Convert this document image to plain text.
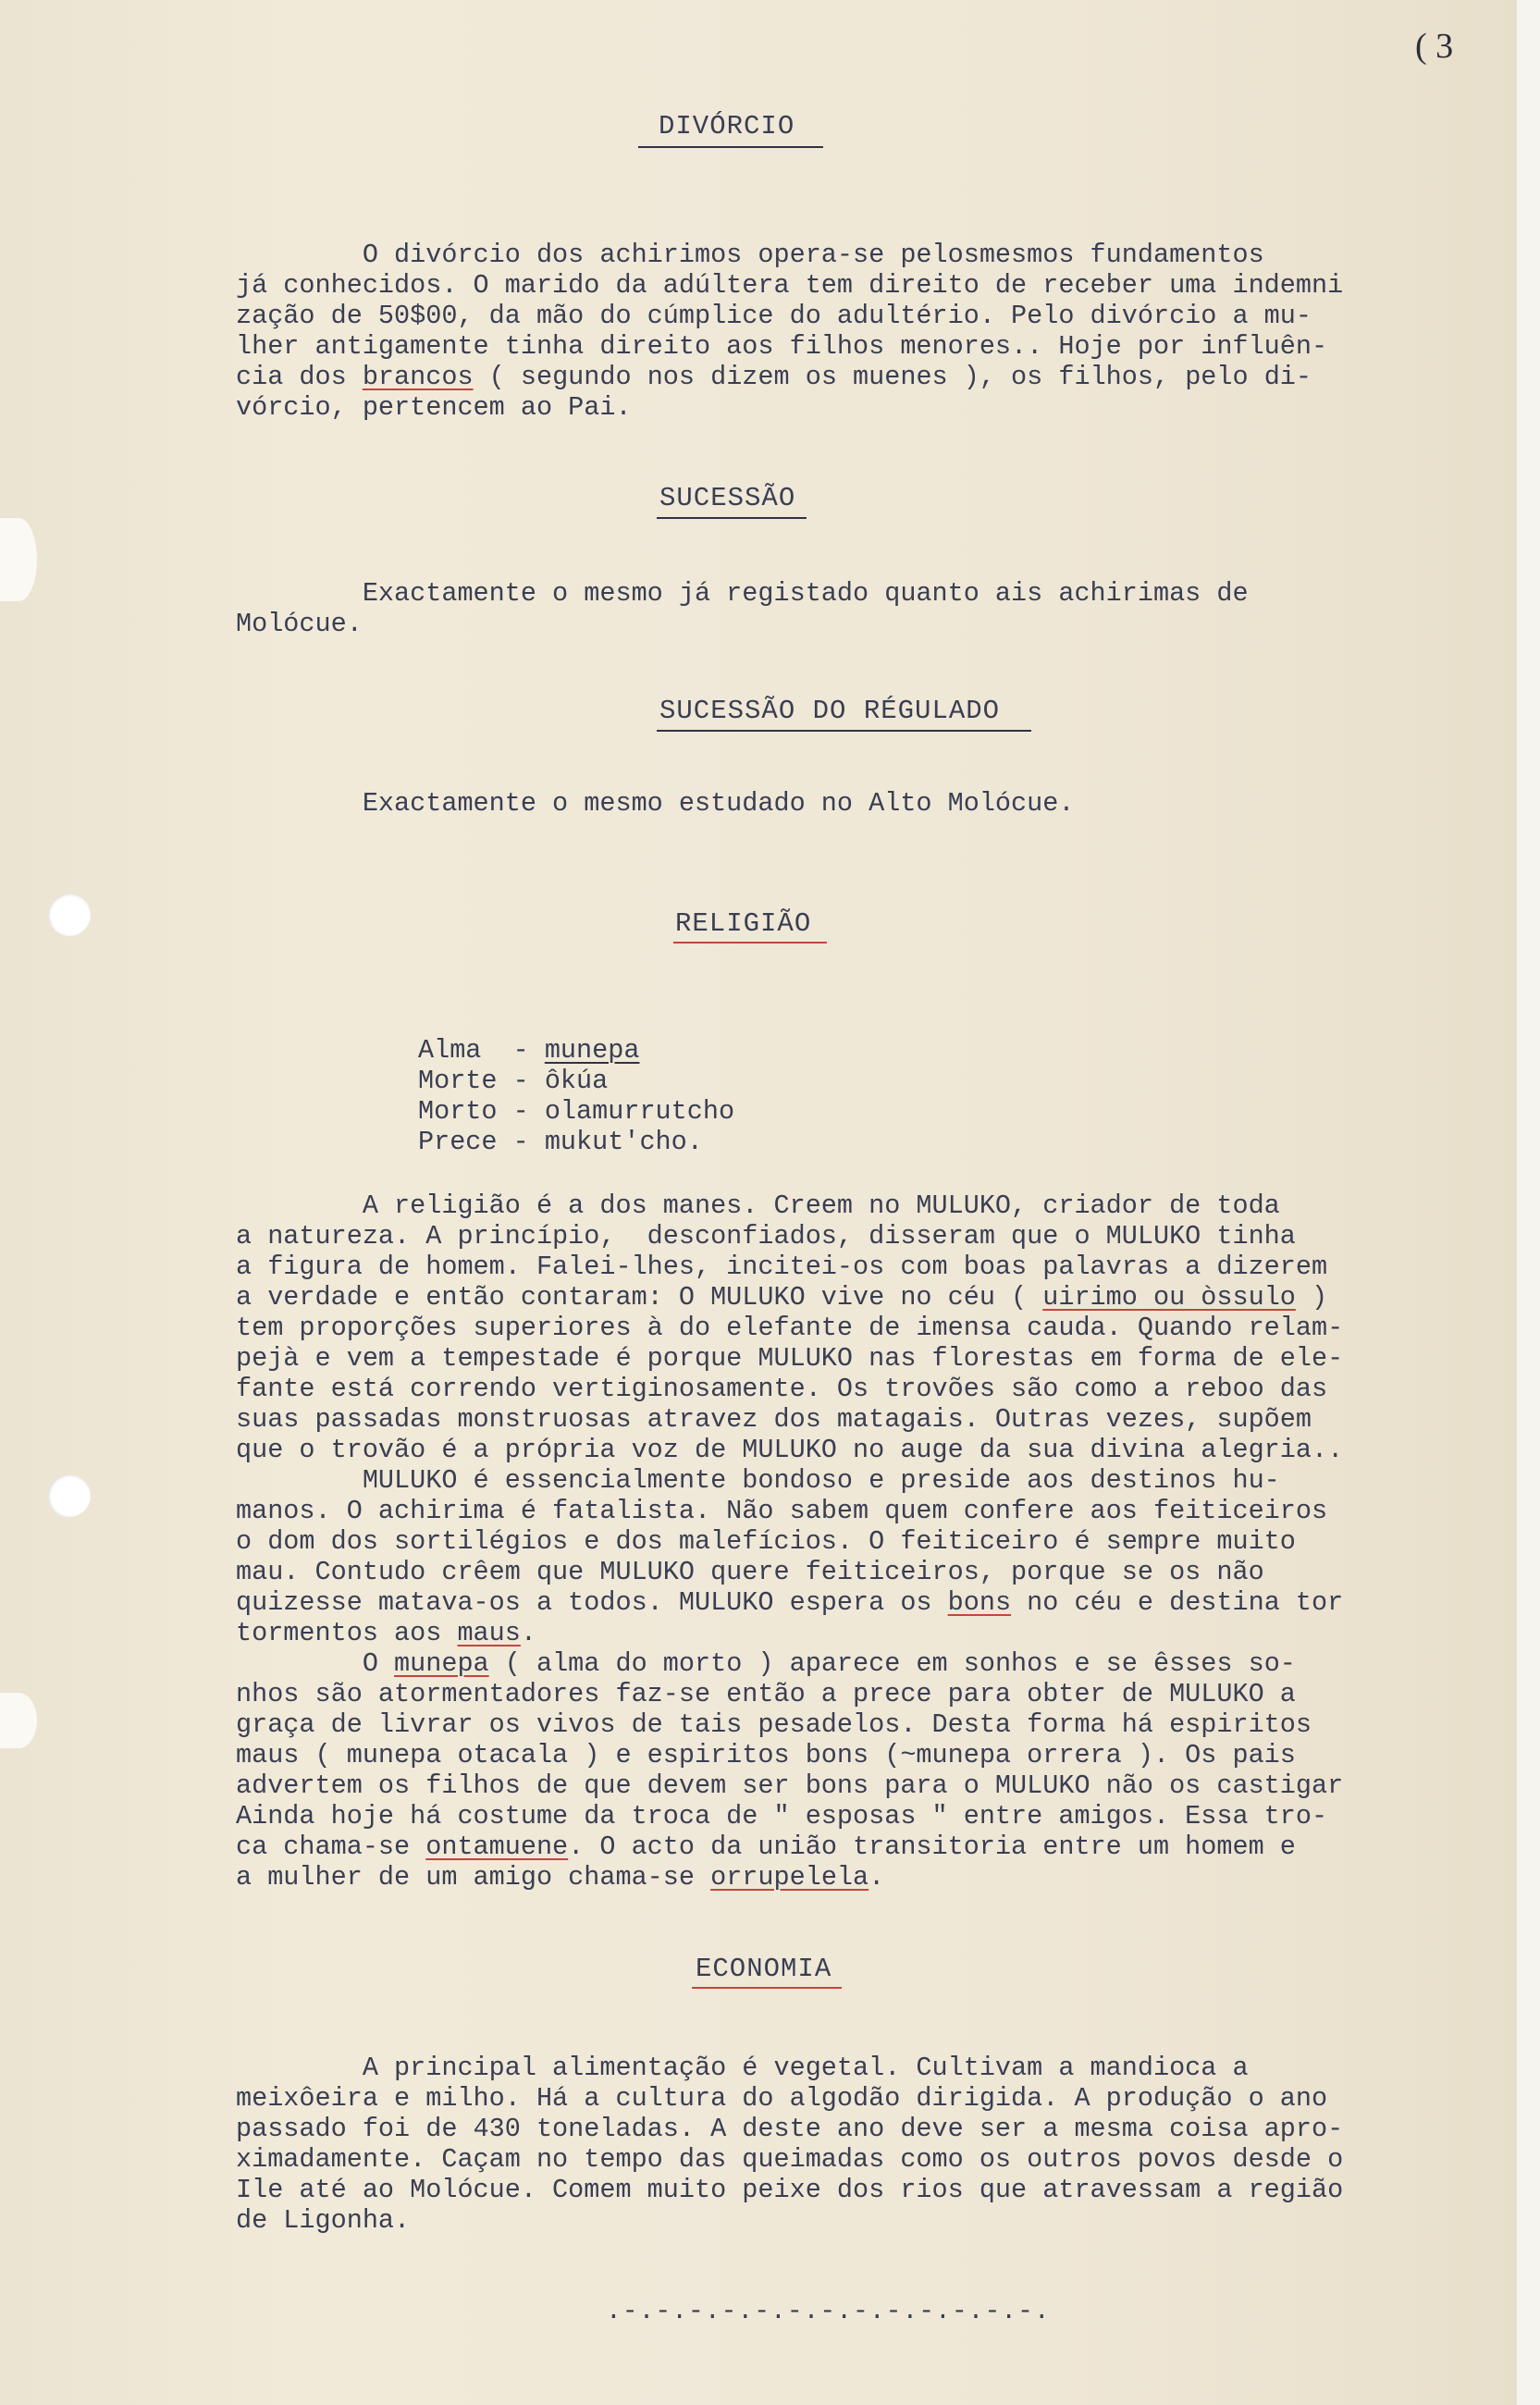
( 3
DIVÓRCIO
O divórcio dos achirimos opera-se pelosmesmos fundamentos
já conhecidos. O marido da adúltera tem direito de receber uma indemni
zação de 50$00, da mão do cúmplice do adultério. Pelo divórcio a mu-
lher antigamente tinha direito aos filhos menores.. Hoje por influên-
cia dos brancos ( segundo nos dizem os muenes ), os filhos, pelo di-
vórcio, pertencem ao Pai.
SUCESSÃO
Exactamente o mesmo já registado quanto ais achirimas de
Molócue.
SUCESSÃO DO RÉGULADO
Exactamente o mesmo estudado no Alto Molócue.
RELIGIÃO
Alma  - munepa
Morte - ôkúa
Morto - olamurrutcho
Prece - mukut'cho.
A religião é a dos manes. Creem no MULUKO, criador de toda
a natureza. A princípio,  desconfiados, disseram que o MULUKO tinha
a figura de homem. Falei-lhes, incitei-os com boas palavras a dizerem
a verdade e então contaram: O MULUKO vive no céu ( uirimo ou òssulo )
tem proporções superiores à do elefante de imensa cauda. Quando relam-
pejà e vem a tempestade é porque MULUKO nas florestas em forma de ele-
fante está correndo vertiginosamente. Os trovões são como a reboo das
suas passadas monstruosas atravez dos matagais. Outras vezes, supõem
que o trovão é a própria voz de MULUKO no auge da sua divina alegria..
MULUKO é essencialmente bondoso e preside aos destinos hu-
manos. O achirima é fatalista. Não sabem quem confere aos feiticeiros
o dom dos sortilégios e dos malefícios. O feiticeiro é sempre muito
mau. Contudo crêem que MULUKO quere feiticeiros, porque se os não
quizesse matava-os a todos. MULUKO espera os bons no céu e destina tor
tormentos aos maus.
O munepa ( alma do morto ) aparece em sonhos e se êsses so-
nhos são atormentadores faz-se então a prece para obter de MULUKO a
graça de livrar os vivos de tais pesadelos. Desta forma há espiritos
maus ( munepa otacala ) e espiritos bons (~munepa orrera ). Os pais
advertem os filhos de que devem ser bons para o MULUKO não os castigar
Ainda hoje há costume da troca de " esposas " entre amigos. Essa tro-
ca chama-se ontamuene. O acto da união transitoria entre um homem e
a mulher de um amigo chama-se orrupelela.
ECONOMIA
A principal alimentação é vegetal. Cultivam a mandioca a
meixôeira e milho. Há a cultura do algodão dirigida. A produção o ano
passado foi de 430 toneladas. A deste ano deve ser a mesma coisa apro-
ximadamente. Caçam no tempo das queimadas como os outros povos desde o
Ile até ao Molócue. Comem muito peixe dos rios que atravessam a região
de Ligonha.
.-.-.-.-.-.-.-.-.-.-.-.-.-.
